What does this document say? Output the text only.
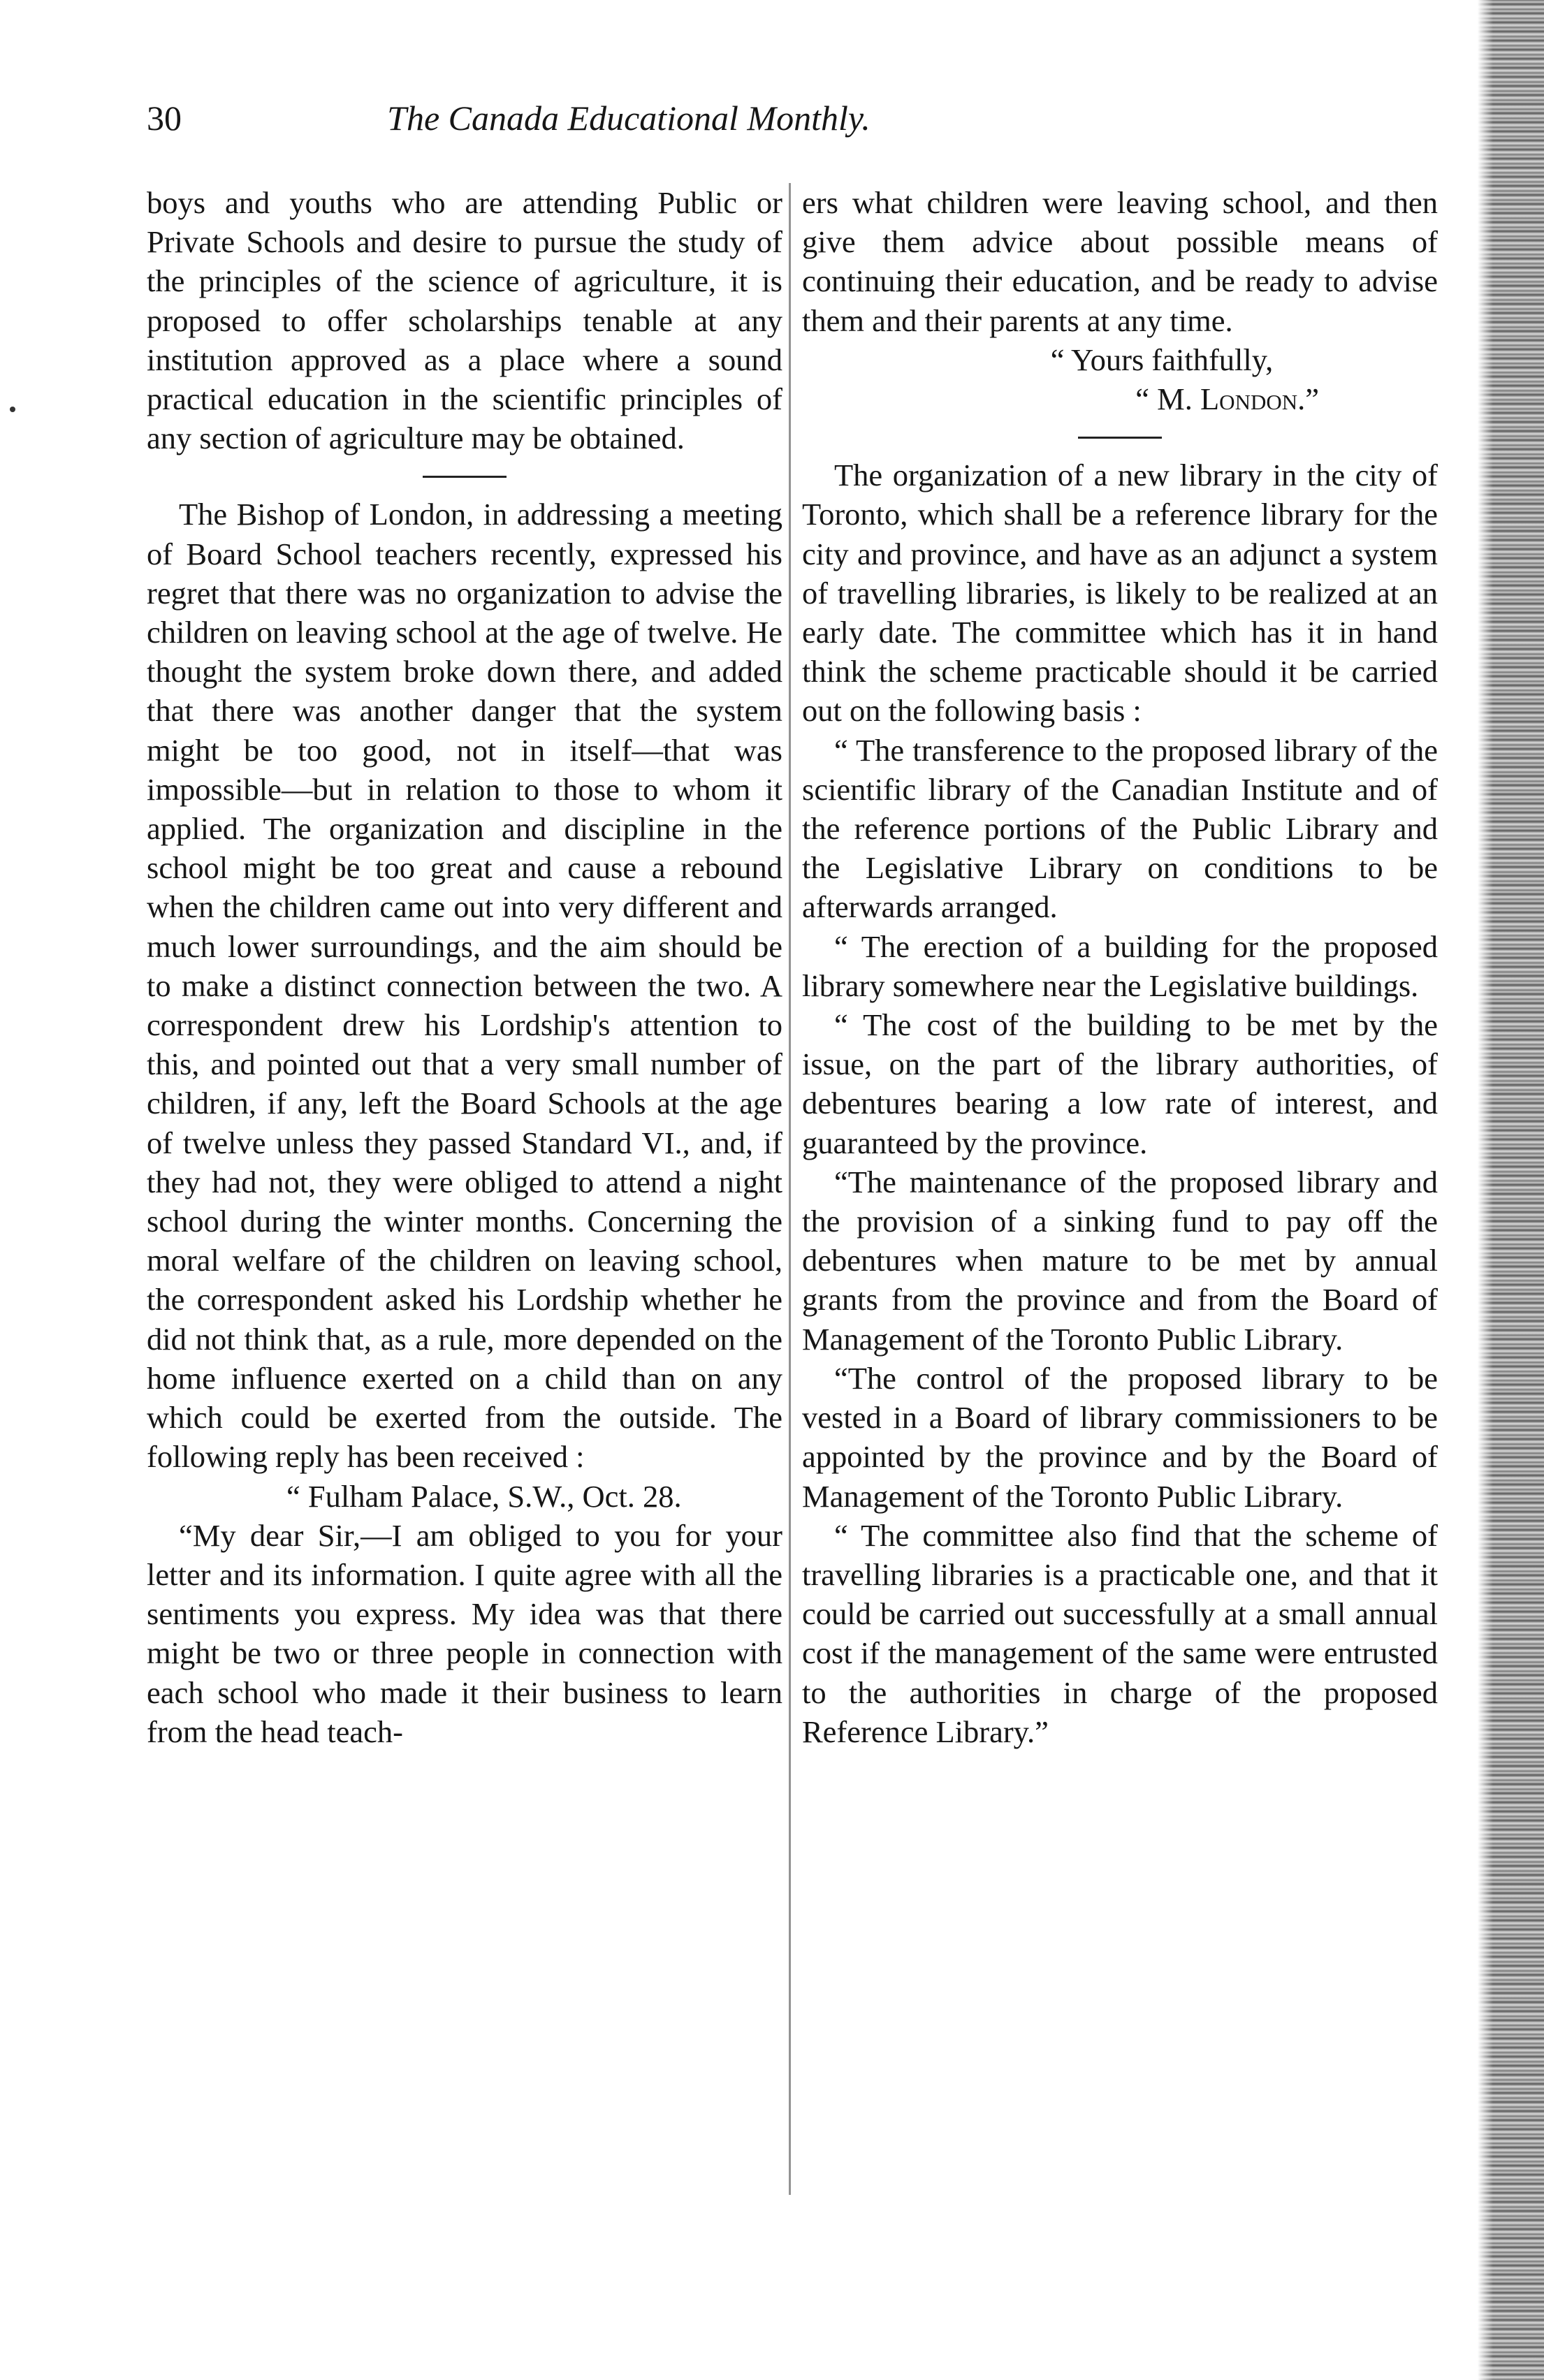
30	The Canada Educational Monthly.

boys and youths who are attending Public or Private Schools and desire to pursue the study of the principles of the science of agriculture, it is proposed to offer scholarships tenable at any institution approved as a place where a sound practical education in the scientific principles of any section of agriculture may be obtained.

The Bishop of London, in addressing a meeting of Board School teachers recently, expressed his regret that there was no organization to advise the children on leaving school at the age of twelve. He thought the system broke down there, and added that there was another danger that the system might be too good, not in itself—that was impossible—but in relation to those to whom it applied. The organization and discipline in the school might be too great and cause a rebound when the children came out into very different and much lower surroundings, and the aim should be to make a distinct connection between the two. A correspondent drew his Lordship's attention to this, and pointed out that a very small number of children, if any, left the Board Schools at the age of twelve unless they passed Standard VI., and, if they had not, they were obliged to attend a night school during the winter months. Concerning the moral welfare of the children on leaving school, the correspondent asked his Lordship whether he did not think that, as a rule, more depended on the home influence exerted on a child than on any which could be exerted from the outside. The following reply has been received :

“ Fulham Palace, S.W., Oct. 28.

“My dear Sir,—I am obliged to you for your letter and its information. I quite agree with all the sentiments you express. My idea was that there might be two or three people in connection with each school who made it their business to learn from the head teach-

ers what children were leaving school, and then give them advice about possible means of continuing their education, and be ready to advise them and their parents at any time.

“ Yours faithfully,

“ M. London.”

The organization of a new library in the city of Toronto, which shall be a reference library for the city and province, and have as an adjunct a system of travelling libraries, is likely to be realized at an early date. The committee which has it in hand think the scheme practicable should it be carried out on the following basis :

“ The transference to the proposed library of the scientific library of the Canadian Institute and of the reference portions of the Public Library and the Legislative Library on conditions to be afterwards arranged.

“ The erection of a building for the proposed library somewhere near the Legislative buildings.

“ The cost of the building to be met by the issue, on the part of the library authorities, of debentures bearing a low rate of interest, and guaranteed by the province.

“The maintenance of the proposed library and the provision of a sinking fund to pay off the debentures when mature to be met by annual grants from the province and from the Board of Management of the Toronto Public Library.

“The control of the proposed library to be vested in a Board of library commissioners to be appointed by the province and by the Board of Management of the Toronto Public Library.

“ The committee also find that the scheme of travelling libraries is a practicable one, and that it could be carried out successfully at a small annual cost if the management of the same were entrusted to the authorities in charge of the proposed Reference Library.”
